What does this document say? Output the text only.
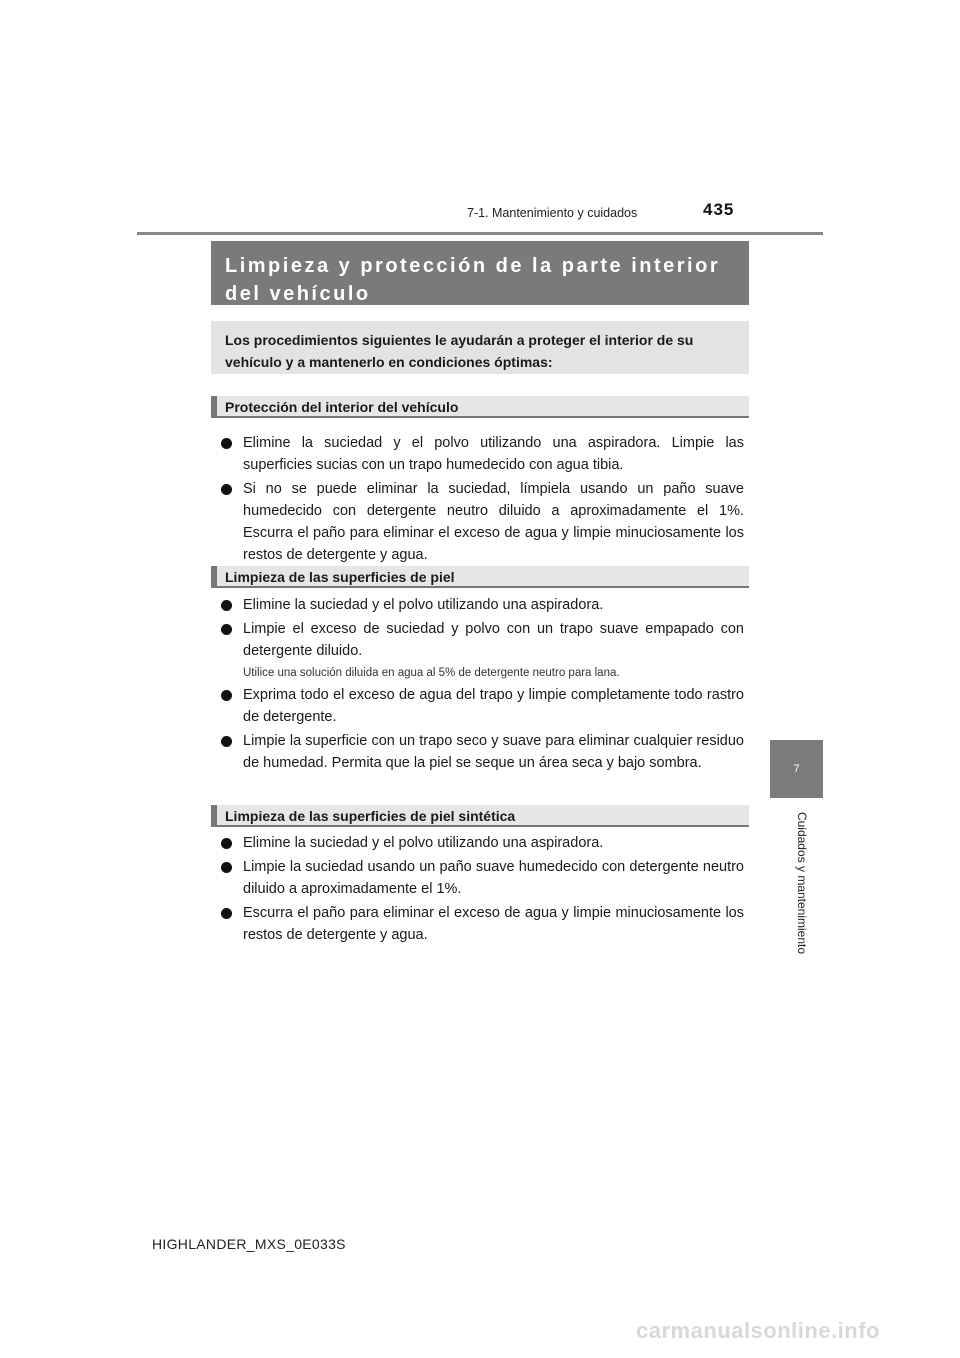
7-1. Mantenimiento y cuidados	435
7
Cuidados y mantenimiento
Limpieza y protección de la parte interior del vehículo
Los procedimientos siguientes le ayudarán a proteger el interior de su vehículo y a mantenerlo en condiciones óptimas:
Protección del interior del vehículo
Elimine la suciedad y el polvo utilizando una aspiradora. Limpie las superficies sucias con un trapo humedecido con agua tibia.
Si no se puede eliminar la suciedad, límpiela usando un paño suave humedecido con detergente neutro diluido a aproximadamente el 1%. Escurra el paño para eliminar el exceso de agua y limpie minuciosamente los restos de detergente y agua.
Limpieza de las superficies de piel
Elimine la suciedad y el polvo utilizando una aspiradora.
Limpie el exceso de suciedad y polvo con un trapo suave empapado con detergente diluido.
Utilice una solución diluida en agua al 5% de detergente neutro para lana.
Exprima todo el exceso de agua del trapo y limpie completamente todo rastro de detergente.
Limpie la superficie con un trapo seco y suave para eliminar cualquier residuo de humedad. Permita que la piel se seque un área seca y bajo sombra.
Limpieza de las superficies de piel sintética
Elimine la suciedad y el polvo utilizando una aspiradora.
Limpie la suciedad usando un paño suave humedecido con detergente neutro diluido a aproximadamente el 1%.
Escurra el paño para eliminar el exceso de agua y limpie minuciosamente los restos de detergente y agua.
HIGHLANDER_MXS_0E033S
carmanualsonline.info
